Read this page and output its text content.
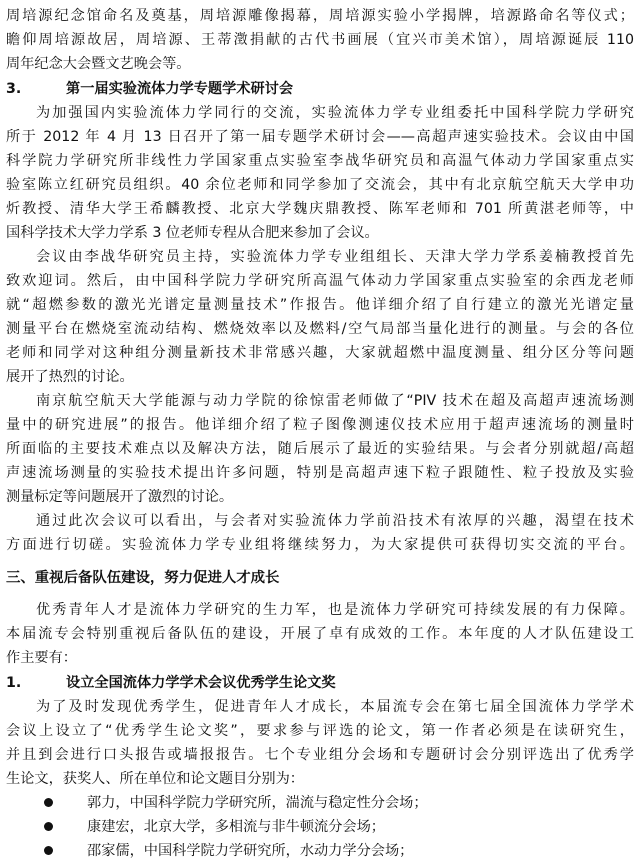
周培源纪念馆命名及奠基，周培源雕像揭幕，周培源实验小学揭牌，培源路命名等仪式；
瞻仰周培源故居，周培源、王蒂澂捐献的古代书画展（宜兴市美术馆），周培源诞辰 110
周年纪念大会暨文艺晚会等。
3.	第一届实验流体力学专题学术研讨会
为加强国内实验流体力学同行的交流，实验流体力学专业组委托中国科学院力学研究
所于 2012 年 4 月 13 日召开了第一届专题学术研讨会——高超声速实验技术。会议由中国
科学院力学研究所非线性力学国家重点实验室李战华研究员和高温气体动力学国家重点实
验室陈立红研究员组织。40 余位老师和同学参加了交流会，其中有北京航空航天大学申功
炘教授、清华大学王希麟教授、北京大学魏庆鼎教授、陈军老师和 701 所黄湛老师等，中
国科学技术大学力学系 3 位老师专程从合肥来参加了会议。
会议由李战华研究员主持，实验流体力学专业组组长、天津大学力学系姜楠教授首先
致欢迎词。然后，由中国科学院力学研究所高温气体动力学国家重点实验室的余西龙老师
就“超燃参数的激光光谱定量测量技术”作报告。他详细介绍了自行建立的激光光谱定量
测量平台在燃烧室流动结构、燃烧效率以及燃料/空气局部当量化进行的测量。与会的各位
老师和同学对这种组分测量新技术非常感兴趣，大家就超燃中温度测量、组分区分等问题
展开了热烈的讨论。
南京航空航天大学能源与动力学院的徐惊雷老师做了“PIV 技术在超及高超声速流场测
量中的研究进展”的报告。他详细介绍了粒子图像测速仪技术应用于超声速流场的测量时
所面临的主要技术难点以及解决方法，随后展示了最近的实验结果。与会者分别就超/高超
声速流场测量的实验技术提出许多问题，特别是高超声速下粒子跟随性、粒子投放及实验
测量标定等问题展开了激烈的讨论。
通过此次会议可以看出，与会者对实验流体力学前沿技术有浓厚的兴趣，渴望在技术
方面进行切磋。实验流体力学专业组将继续努力，为大家提供可获得切实交流的平台。
三、重视后备队伍建设，努力促进人才成长
优秀青年人才是流体力学研究的生力军，也是流体力学研究可持续发展的有力保障。
本届流专会特别重视后备队伍的建设，开展了卓有成效的工作。本年度的人才队伍建设工
作主要有：
1.	设立全国流体力学学术会议优秀学生论文奖
为了及时发现优秀学生，促进青年人才成长，本届流专会在第七届全国流体力学学术
会议上设立了“优秀学生论文奖”，要求参与评选的论文，第一作者必须是在读研究生，
并且到会进行口头报告或墙报报告。七个专业组分会场和专题研讨会分别评选出了优秀学
生论文，获奖人、所在单位和论文题目分别为：
郭力，中国科学院力学研究所，湍流与稳定性分会场；
康建宏，北京大学，多相流与非牛顿流分会场；
邵家儒，中国科学院力学研究所，水动力学分会场；
